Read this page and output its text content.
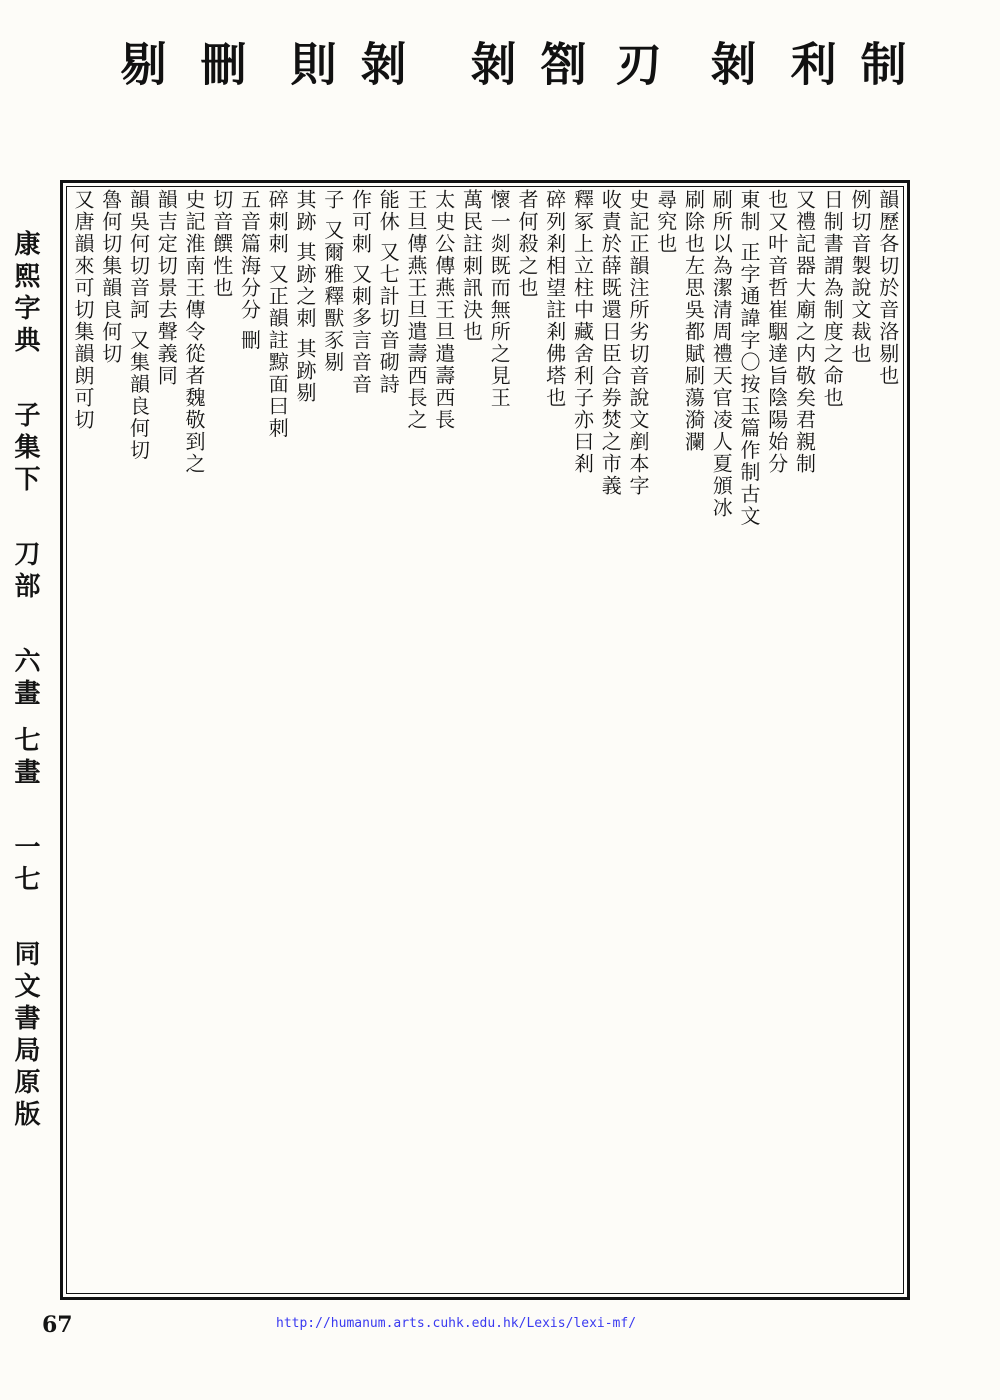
制
利
剝
刃
劄
剝
剝
則
刪
剔
韻歷各切於音洛剔也
例切音製說文裁也
日制書謂為制度之命也
又禮記器大廟之内敬矣君親制
也又叶音哲崔駰達旨陰陽始分
東制 正字通諱字〇按玉篇作制古文
刷所以為潔清周禮天官凌人夏頒冰
刷除也左思吳都賦刷蕩漪瀾
尋究也
史記正韻注所劣切音說文剷本字
收責於薛既還日臣合券焚之市義
釋冢上立柱中藏舍利子亦曰剎
碎列剎相望註剎佛塔也
者何殺之也
懷一剡既而無所之見王
萬民註刺訊決也
太史公傳燕王旦遣壽西長
王旦傳燕王旦遣壽西長之
能休 又七計切音砌詩
作可刺 又刺多言音音
子 又爾雅釋獸豕剔
其跡 其跡之刺 其跡剔
碎刺刺 又正韻註黥面曰刺
五音篇海分分 刪
切音饌性也
史記淮南王傳令從者魏敬到之
韻吉定切景去聲義同
韻吳何切音訶 又集韻良何切
魯何切集韻良何切
又唐韻來可切集韻朗可切
康熙字典 子集下 刀部 六畫 七畫 一七 同文書局原版
67	http://humanum.arts.cuhk.edu.hk/Lexis/lexi-mf/
